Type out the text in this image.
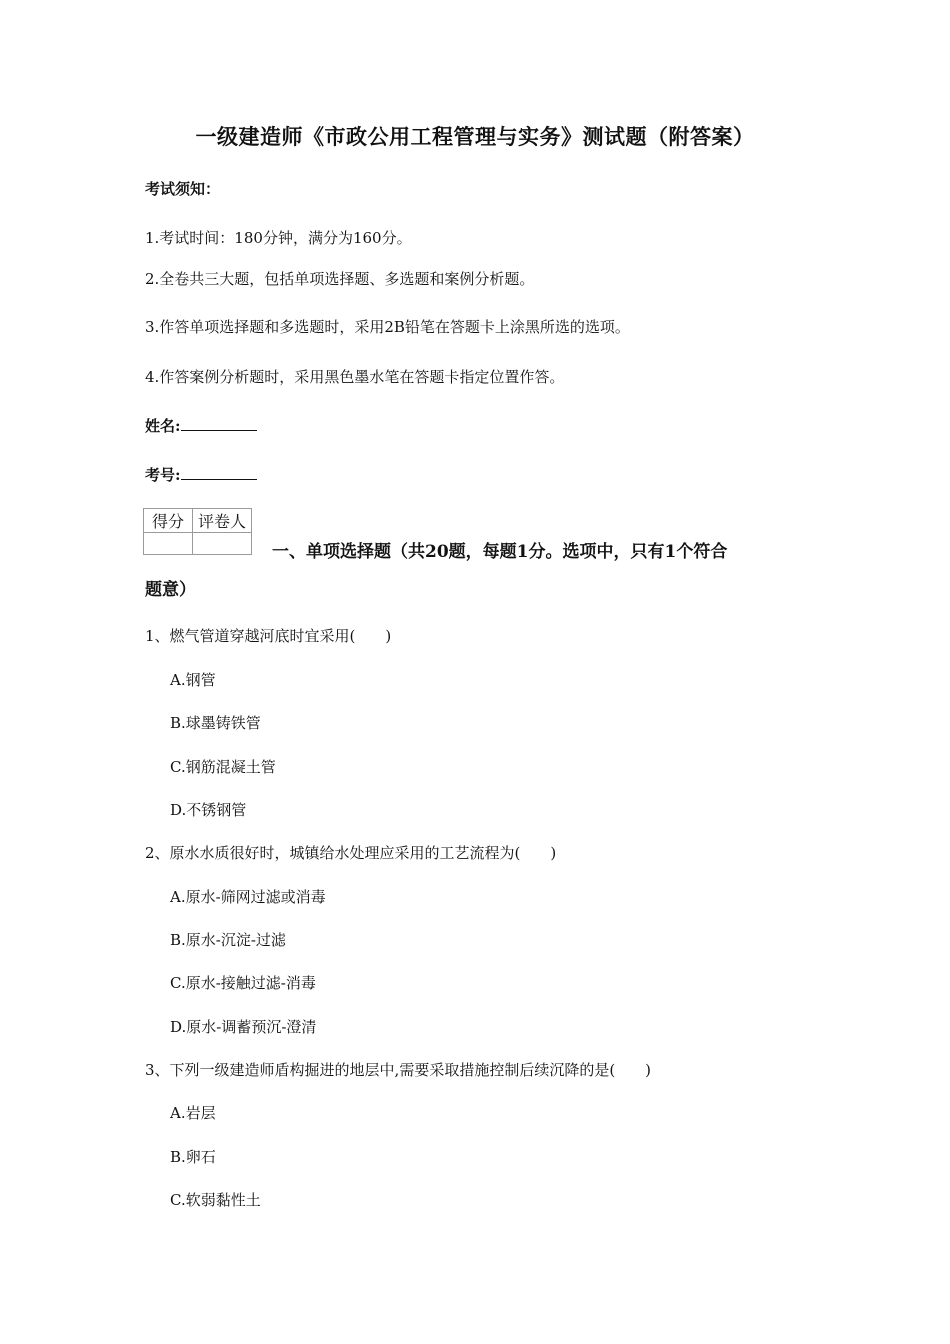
一级建造师《市政公用工程管理与实务》测试题（附答案）
考试须知：
1.考试时间：180分钟，满分为160分。
2.全卷共三大题，包括单项选择题、多选题和案例分析题。
3.作答单项选择题和多选题时，采用2B铅笔在答题卡上涂黑所选的选项。
4.作答案例分析题时，采用黑色墨水笔在答题卡指定位置作答。
姓名:
考号:
得分	评卷人

一、单项选择题（共20题，每题1分。选项中，只有1个符合
题意）
1、燃气管道穿越河底时宜采用(　　)
A.钢管
B.球墨铸铁管
C.钢筋混凝土管
D.不锈钢管
2、原水水质很好时，城镇给水处理应采用的工艺流程为(　　)
A.原水-筛网过滤或消毒
B.原水-沉淀-过滤
C.原水-接触过滤-消毒
D.原水-调蓄预沉-澄清
3、下列一级建造师盾构掘进的地层中,需要采取措施控制后续沉降的是(　　)
A.岩层
B.卵石
C.软弱黏性土
